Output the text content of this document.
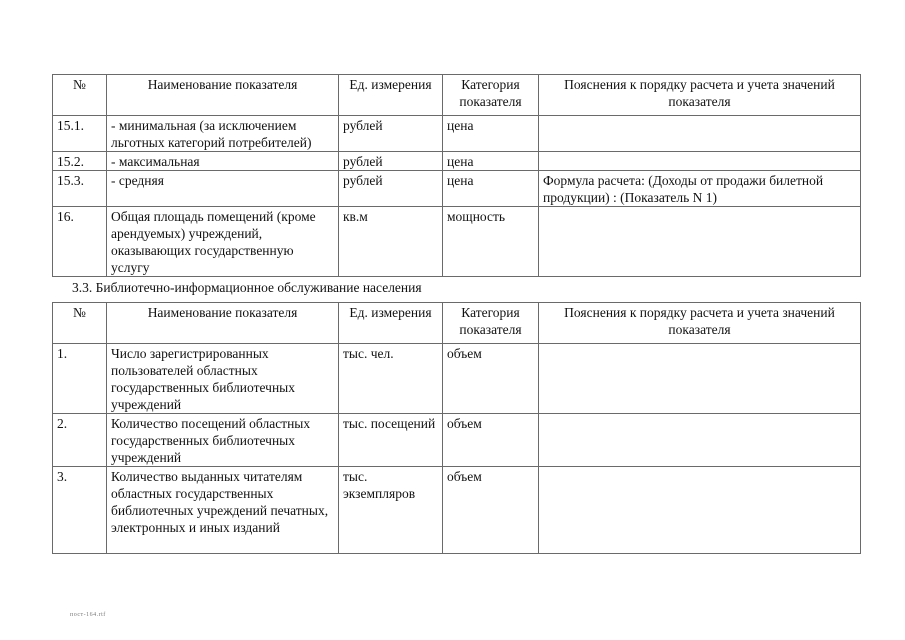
№	Наименование показателя	Ед. измерения	Категория показателя	Пояснения к порядку расчета и учета значений показателя
15.1.	- минимальная (за исключением льготных категорий потребителей)	рублей	цена	
15.2.	- максимальная	рублей	цена	
15.3.	- средняя	рублей	цена	Формула расчета: (Доходы от продажи билетной продукции) : (Показатель N 1)
16.	Общая площадь помещений (кроме арендуемых) учреждений, оказывающих государственную услугу	кв.м	мощность	
3.3. Библиотечно-информационное обслуживание населения
№	Наименование показателя	Ед. измерения	Категория показателя	Пояснения к порядку расчета и учета значений показателя
1.	Число зарегистрированных пользователей областных государственных библиотечных учреждений	тыс. чел.	объем	
2.	Количество посещений областных государственных библиотечных учреждений	тыс. посещений	объем	
3.	Количество выданных читателям областных государственных библиотечных учреждений печатных, электронных и иных изданий	тыс. экземпляров	объем	
пост-164.rtf
